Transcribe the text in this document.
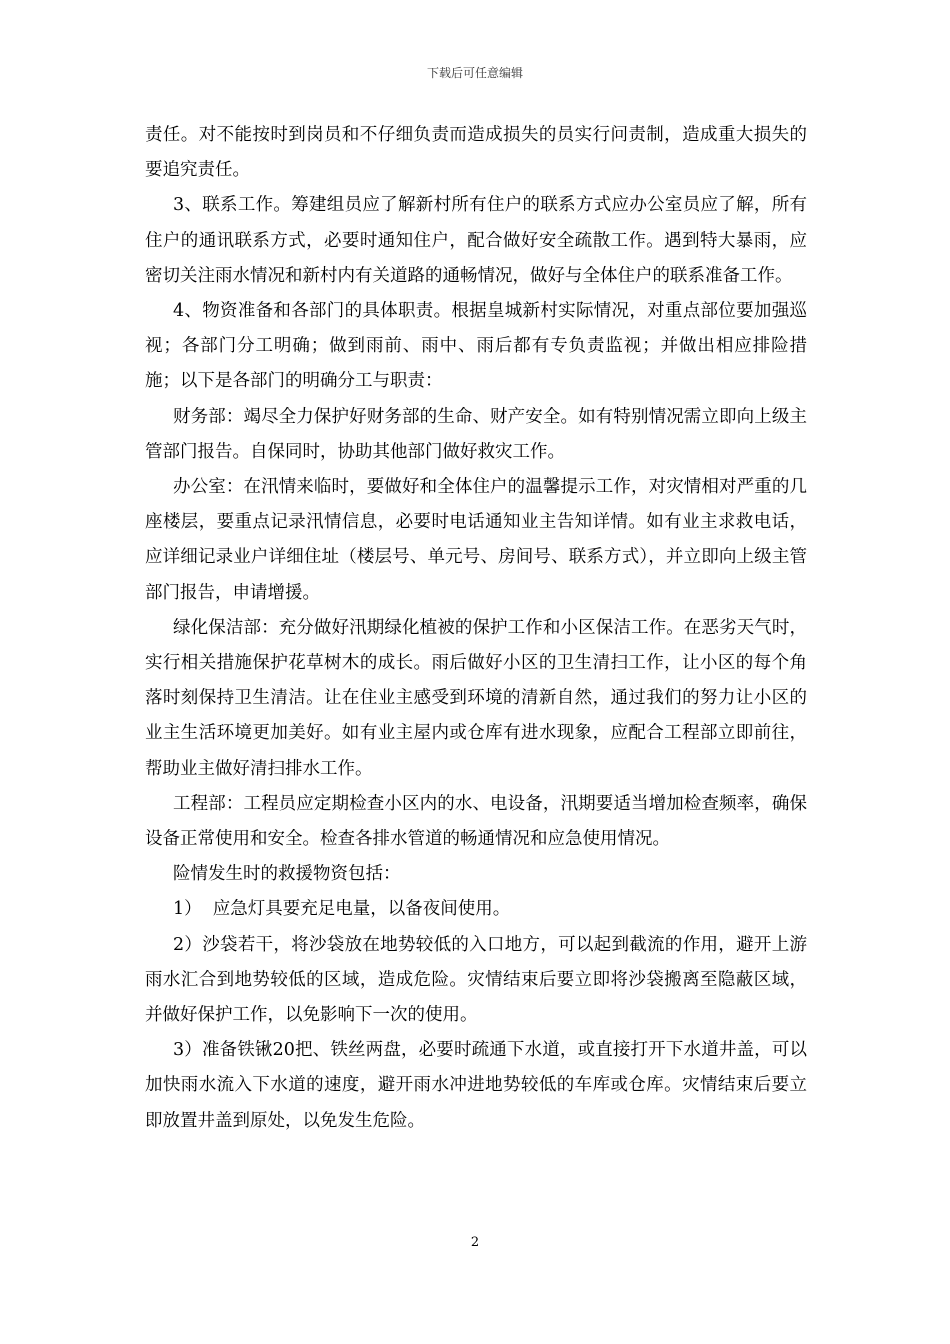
下载后可任意编辑

责任。对不能按时到岗员和不仔细负责而造成损失的员实行问责制，造成重大损失的要追究责任。

3、联系工作。筹建组员应了解新村所有住户的联系方式应办公室员应了解，所有住户的通讯联系方式，必要时通知住户，配合做好安全疏散工作。遇到特大暴雨，应密切关注雨水情况和新村内有关道路的通畅情况，做好与全体住户的联系准备工作。

4、物资准备和各部门的具体职责。根据皇城新村实际情况，对重点部位要加强巡视；各部门分工明确；做到雨前、雨中、雨后都有专负责监视；并做出相应排险措施；以下是各部门的明确分工与职责：

财务部：竭尽全力保护好财务部的生命、财产安全。如有特别情况需立即向上级主管部门报告。自保同时，协助其他部门做好救灾工作。

办公室：在汛情来临时，要做好和全体住户的温馨提示工作，对灾情相对严重的几座楼层，要重点记录汛情信息，必要时电话通知业主告知详情。如有业主求救电话，应详细记录业户详细住址（楼层号、单元号、房间号、联系方式），并立即向上级主管部门报告，申请增援。

绿化保洁部：充分做好汛期绿化植被的保护工作和小区保洁工作。在恶劣天气时，实行相关措施保护花草树木的成长。雨后做好小区的卫生清扫工作，让小区的每个角落时刻保持卫生清洁。让在住业主感受到环境的清新自然，通过我们的努力让小区的业主生活环境更加美好。如有业主屋内或仓库有进水现象，应配合工程部立即前往，帮助业主做好清扫排水工作。

工程部：工程员应定期检查小区内的水、电设备，汛期要适当增加检查频率，确保设备正常使用和安全。检查各排水管道的畅通情况和应急使用情况。

险情发生时的救援物资包括：

1）  应急灯具要充足电量，以备夜间使用。

2）沙袋若干，将沙袋放在地势较低的入口地方，可以起到截流的作用，避开上游雨水汇合到地势较低的区域，造成危险。灾情结束后要立即将沙袋搬离至隐蔽区域，并做好保护工作，以免影响下一次的使用。

3）准备铁锹20把、铁丝两盘，必要时疏通下水道，或直接打开下水道井盖，可以加快雨水流入下水道的速度，避开雨水冲进地势较低的车库或仓库。灾情结束后要立即放置井盖到原处，以免发生危险。

2
